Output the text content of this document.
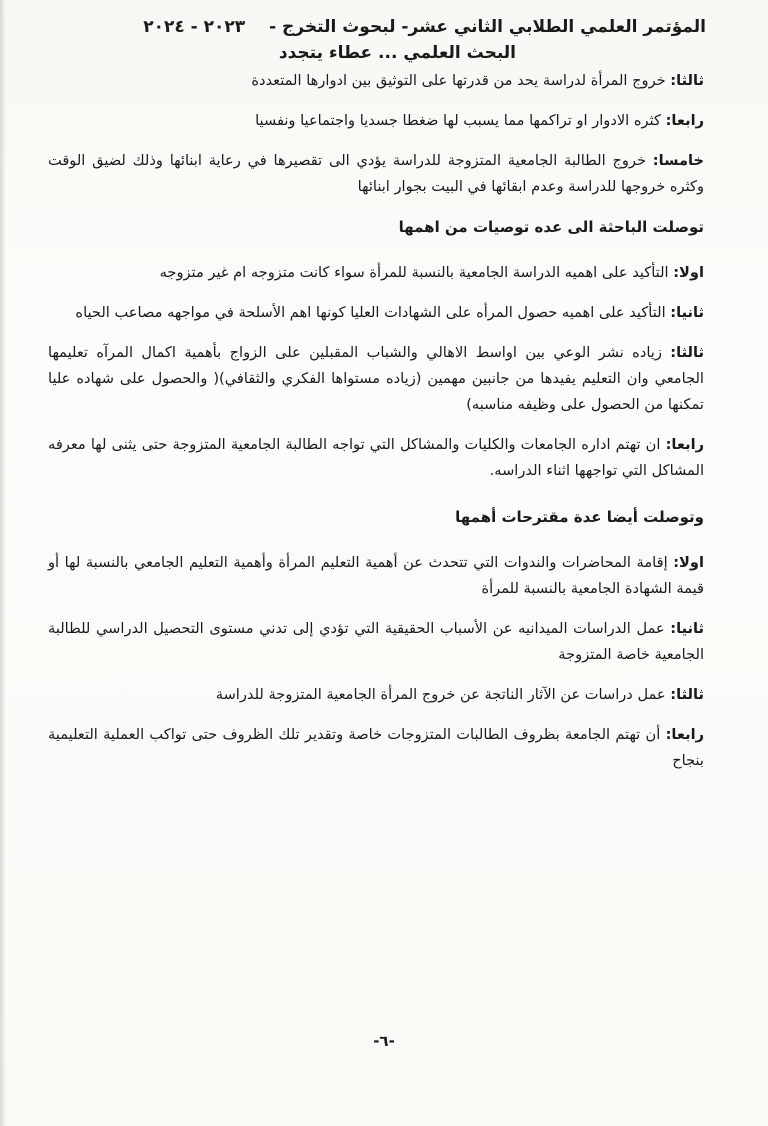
المؤتمر العلمي الطلابي الثاني عشر- لبحوث التخرج - ٢٠٢٣ - ٢٠٢٤
البحث العلمي ... عطاء يتجدد

ثالثا: خروج المرأة لدراسة يحد من قدرتها على التوثيق بين ادوارها المتعددة

رابعا: كثره الادوار او تراكمها مما يسبب لها ضغطا جسديا واجتماعيا ونفسيا

خامسا: خروج الطالبة الجامعية المتزوجة للدراسة يؤدي الى تقصيرها في رعاية ابنائها وذلك لضيق الوقت وكثره خروجها للدراسة وعدم ابقائها في البيت بجوار ابنائها

توصلت الباحثة الى عده توصيات من اهمها

اولا: التأكيد على اهميه الدراسة الجامعية بالنسبة للمرأة سواء كانت متزوجه ام غير متزوجه

ثانيا: التأكيد على اهميه حصول المرأه على الشهادات العليا كونها اهم الأسلحة في مواجهه مصاعب الحياه

ثالثا: زياده نشر الوعي بين اواسط الاهالي والشباب المقبلين على الزواج بأهمية اكمال المرآه تعليمها الجامعي وان التعليم يفيدها من جانبين مهمين (زياده مستواها الفكري والثقافي)( والحصول على شهاده عليا تمكنها من الحصول على وظيفه مناسبه)

رابعا: ان تهتم اداره الجامعات والكليات والمشاكل التي تواجه الطالبة الجامعية المتزوجة حتى يثنى لها معرفه المشاكل التي تواجهها اثناء الدراسه.

وتوصلت أيضا عدة مقترحات أهمها

اولا: إقامة المحاضرات والندوات التي تتحدث عن أهمية التعليم المرأة وأهمية التعليم الجامعي بالنسبة لها أو قيمة الشهادة الجامعية بالنسبة للمرأة

ثانيا: عمل الدراسات الميدانيه عن الأسباب الحقيقية التي تؤدي إلى تدني مستوى التحصيل الدراسي للطالبة الجامعية خاصة المتزوجة

ثالثا: عمل دراسات عن الآثار الناتجة عن خروج المرأة الجامعية المتزوجة للدراسة

رابعا: أن تهتم الجامعة بظروف الطالبات المتزوجات خاصة وتقدير تلك الظروف حتى تواكب العملية التعليمية بنجاح

-٦-
